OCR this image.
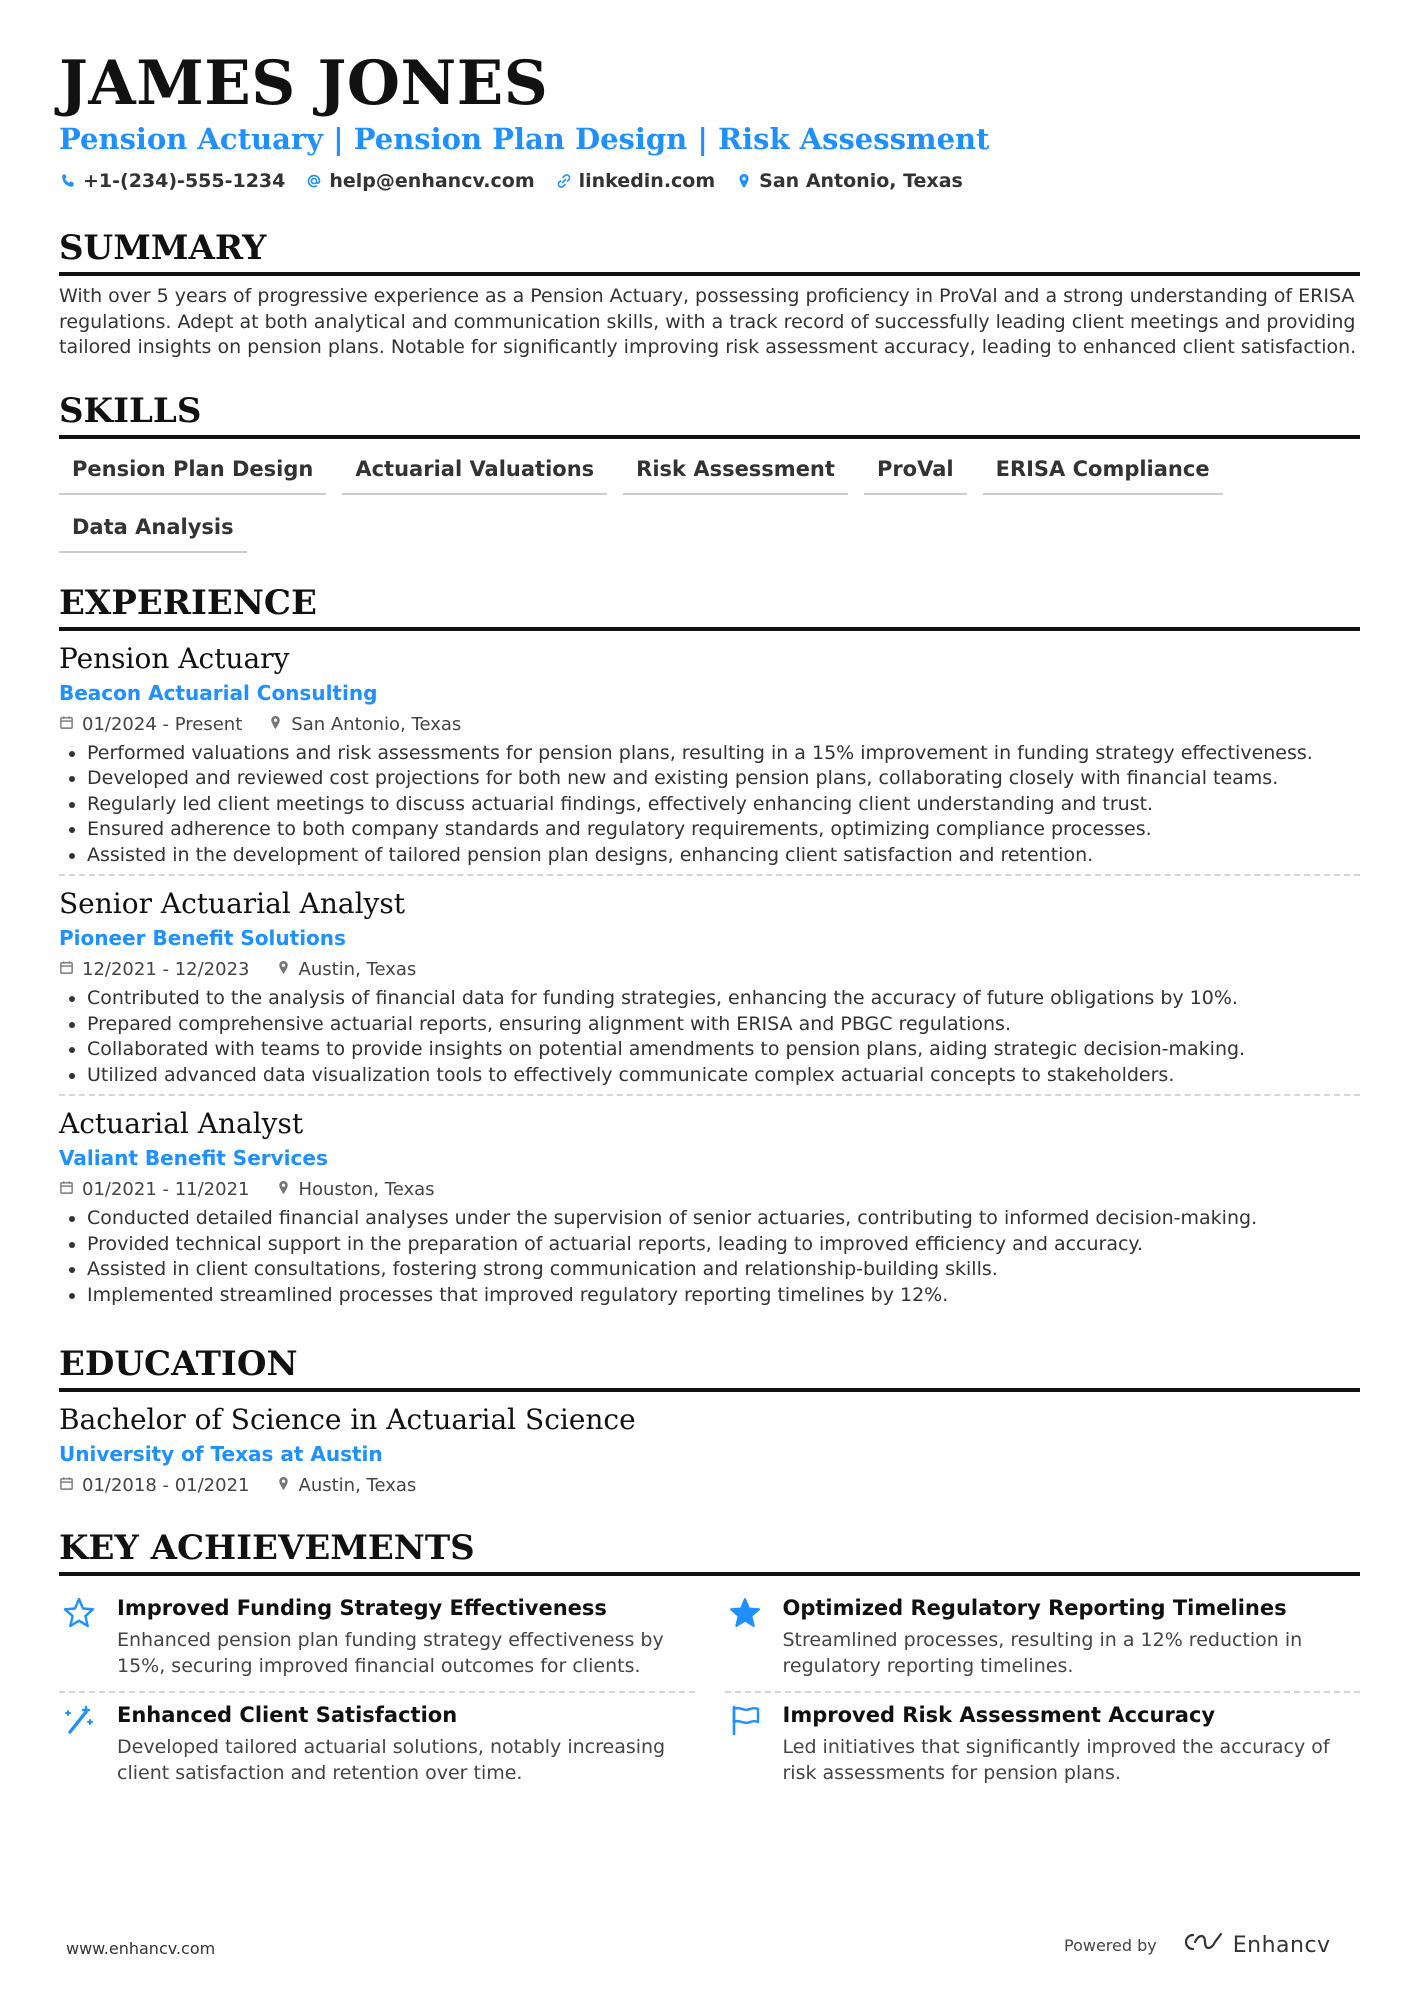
JAMES JONES
Pension Actuary | Pension Plan Design | Risk Assessment
+1-(234)-555-1234 help@enhancv.com linkedin.com San Antonio, Texas
SUMMARY
With over 5 years of progressive experience as a Pension Actuary, possessing proficiency in ProVal and a strong understanding of ERISA regulations. Adept at both analytical and communication skills, with a track record of successfully leading client meetings and providing tailored insights on pension plans. Notable for significantly improving risk assessment accuracy, leading to enhanced client satisfaction.
SKILLS
Pension Plan Design	Actuarial Valuations	Risk Assessment	ProVal	ERISA Compliance
Data Analysis
EXPERIENCE
Pension Actuary
Beacon Actuarial Consulting
01/2024 - Present	San Antonio, Texas
• Performed valuations and risk assessments for pension plans, resulting in a 15% improvement in funding strategy effectiveness.
• Developed and reviewed cost projections for both new and existing pension plans, collaborating closely with financial teams.
• Regularly led client meetings to discuss actuarial findings, effectively enhancing client understanding and trust.
• Ensured adherence to both company standards and regulatory requirements, optimizing compliance processes.
• Assisted in the development of tailored pension plan designs, enhancing client satisfaction and retention.
Senior Actuarial Analyst
Pioneer Benefit Solutions
12/2021 - 12/2023	Austin, Texas
• Contributed to the analysis of financial data for funding strategies, enhancing the accuracy of future obligations by 10%.
• Prepared comprehensive actuarial reports, ensuring alignment with ERISA and PBGC regulations.
• Collaborated with teams to provide insights on potential amendments to pension plans, aiding strategic decision-making.
• Utilized advanced data visualization tools to effectively communicate complex actuarial concepts to stakeholders.
Actuarial Analyst
Valiant Benefit Services
01/2021 - 11/2021	Houston, Texas
• Conducted detailed financial analyses under the supervision of senior actuaries, contributing to informed decision-making.
• Provided technical support in the preparation of actuarial reports, leading to improved efficiency and accuracy.
• Assisted in client consultations, fostering strong communication and relationship-building skills.
• Implemented streamlined processes that improved regulatory reporting timelines by 12%.
EDUCATION
Bachelor of Science in Actuarial Science
University of Texas at Austin
01/2018 - 01/2021	Austin, Texas
KEY ACHIEVEMENTS
Improved Funding Strategy Effectiveness
Enhanced pension plan funding strategy effectiveness by 15%, securing improved financial outcomes for clients.
Optimized Regulatory Reporting Timelines
Streamlined processes, resulting in a 12% reduction in regulatory reporting timelines.
Enhanced Client Satisfaction
Developed tailored actuarial solutions, notably increasing client satisfaction and retention over time.
Improved Risk Assessment Accuracy
Led initiatives that significantly improved the accuracy of risk assessments for pension plans.
www.enhancv.com	Powered by	Enhancv
